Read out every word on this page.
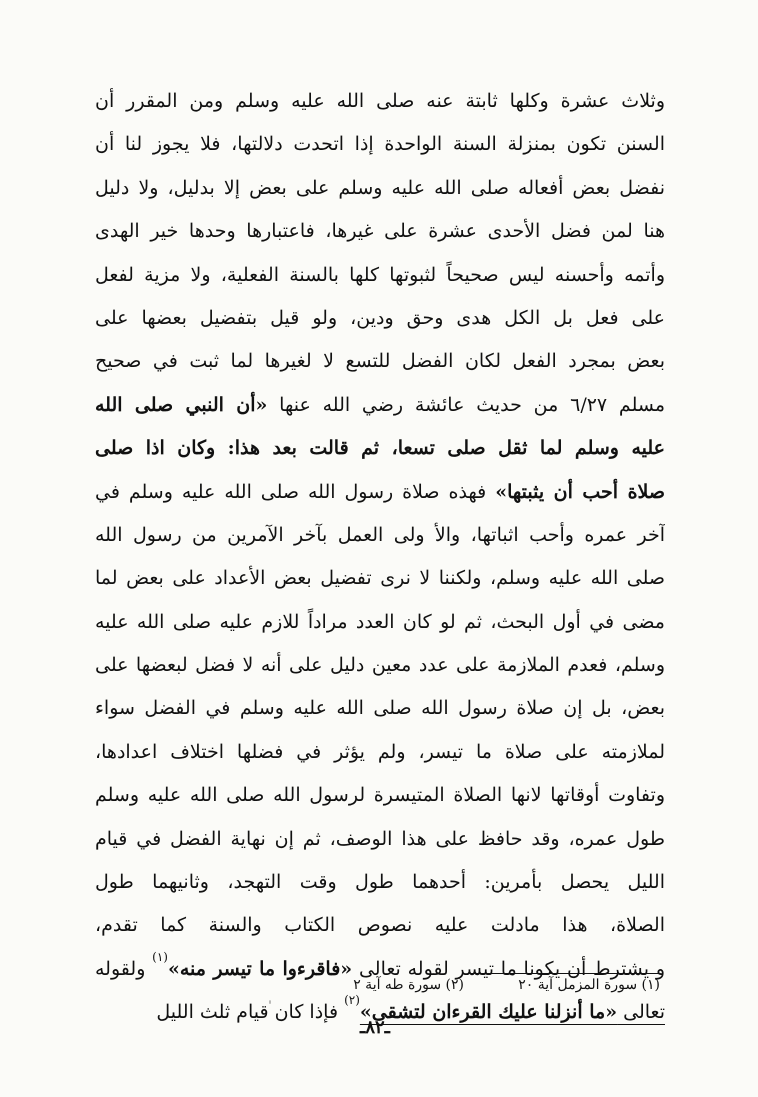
وثلاث عشرة وكلها ثابتة عنه صلى الله عليه وسلم ومن المقرر أن
السنن تكون بمنزلة السنة الواحدة إذا اتحدت دلالتها، فلا يجوز لنا أن
نفضل بعض أفعاله صلى الله عليه وسلم على بعض إلا بدليل، ولا دليل
هنا لمن فضل الأحدى عشرة على غيرها، فاعتبارها وحدها خير الهدى
وأتمه وأحسنه ليس صحيحاً لثبوتها كلها بالسنة الفعلية، ولا مزية لفعل
على فعل بل الكل هدى وحق ودين، ولو قيل بتفضيل بعضها على
بعض بمجرد الفعل لكان الفضل للتسع لا لغيرها لما ثبت في صحيح
مسلم ٦/٢٧ من حديث عائشة رضي الله عنها «أن النبي صلى الله
عليه وسلم لما ثقل صلى تسعا، ثم قالت بعد هذا: وكان اذا صلى
صلاة أحب أن يثبتها» فهذه صلاة رسول الله صلى الله عليه وسلم في
آخر عمره وأحب اثباتها، والأ ولى العمل بآخر الآمرين من رسول الله
صلى الله عليه وسلم، ولكننا لا نرى تفضيل بعض الأعداد على بعض لما
مضى في أول البحث، ثم لو كان العدد مراداً للازم عليه صلى الله عليه
وسلم، فعدم الملازمة على عدد معين دليل على أنه لا فضل لبعضها على
بعض، بل إن صلاة رسول الله صلى الله عليه وسلم في الفضل سواء
لملازمته على صلاة ما تيسر، ولم يؤثر في فضلها اختلاف اعدادها،
وتفاوت أوقاتها لانها الصلاة المتيسرة لرسول الله صلى الله عليه وسلم
طول عمره، وقد حافظ على هذا الوصف، ثم إن نهاية الفضل في قيام
الليل يحصل بأمرين: أحدهما طول وقت التهجد، وثانيهما طول
الصلاة، هذا مادلت عليه نصوص الكتاب والسنة كما تقدم،
و يشترط أن يكونا ما تيسر لقوله تعالى «فاقرءوا ما تيسر منه»$^{(١)}$ ولقوله
تعالى «ما أنزلنا عليك القرءان لتشقى»$^{(٢)}$ فإذا كان قيام ثلث الليل
(١) سورة المزمل آية ٢٠
(٢) سورة طه آية ٢
ـ٨٢ـ
